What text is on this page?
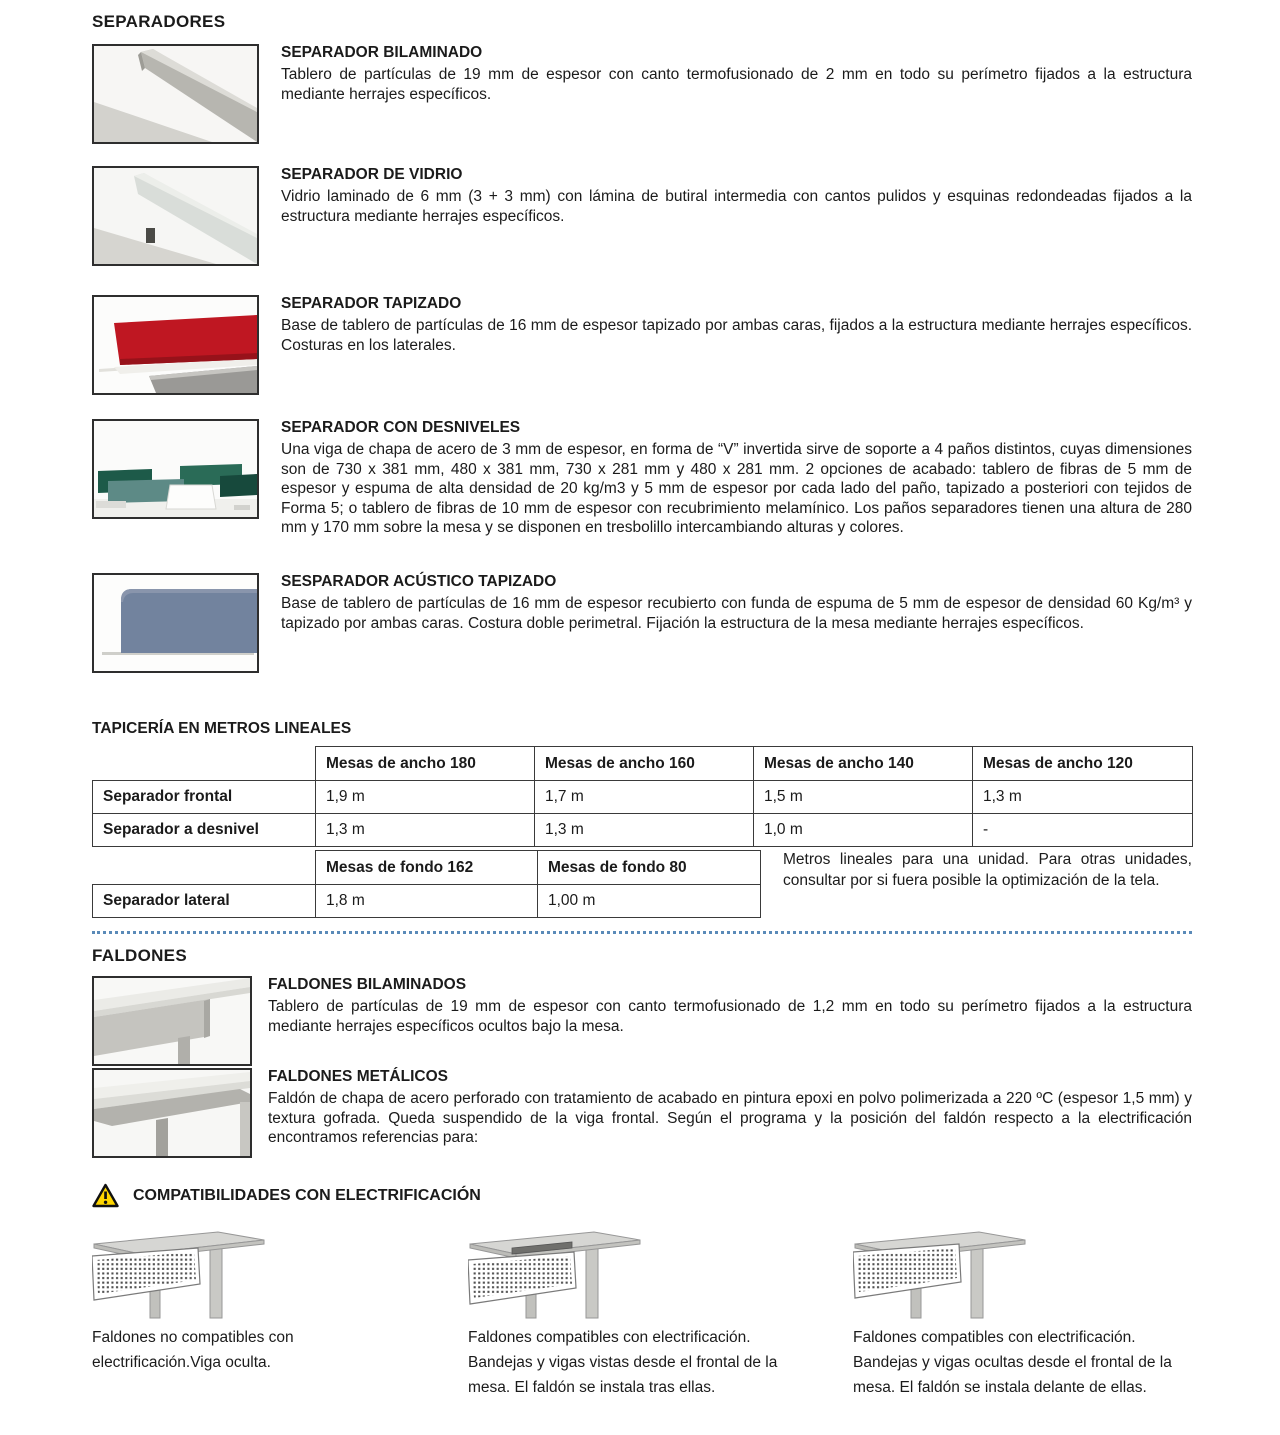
SEPARADORES
SEPARADOR BILAMINADO

Tablero de partículas de 19 mm de espesor con canto termofusionado de 2 mm en todo su perímetro fijados a la estructura mediante herrajes específicos.

SEPARADOR DE VIDRIO

Vidrio laminado de 6 mm (3 + 3 mm) con lámina de butiral intermedia con cantos pulidos y esquinas redondeadas fijados a la estructura mediante herrajes específicos.

SEPARADOR TAPIZADO

Base de tablero de partículas de 16 mm de espesor tapizado por ambas caras, fijados a la estructura mediante herrajes específicos. Costuras en los laterales.

SEPARADOR CON DESNIVELES

Una viga de chapa de acero de 3 mm de espesor, en forma de “V” invertida sirve de soporte a 4 paños distintos, cuyas dimensiones son de 730 x 381 mm, 480 x 381 mm, 730 x 281 mm y 480 x 281 mm. 2 opciones de acabado: tablero de fibras de 5 mm de espesor y espuma de alta densidad de 20 kg/m3 y 5 mm de espesor por cada lado del paño, tapizado a posteriori con tejidos de Forma 5; o tablero de fibras de 10 mm de espesor con recubrimiento melamínico. Los paños separadores tienen una altura de 280 mm y 170 mm sobre la mesa y se disponen en tresbolillo intercambiando alturas y colores.

SESPARADOR ACÚSTICO TAPIZADO

Base de tablero de partículas de 16 mm de espesor recubierto con funda de espuma de 5 mm de espesor de densidad 60 Kg/m³ y tapizado por ambas caras. Costura doble perimetral. Fijación la estructura de la mesa mediante herrajes específicos.

TAPICERÍA EN METROS LINEALES
	Mesas de ancho 180	Mesas de ancho 160	Mesas de ancho 140	Mesas de ancho 120
Separador frontal	1,9 m	1,7 m	1,5 m	1,3 m
Separador a desnivel	1,3 m	1,3 m	1,0 m	-
	Mesas de fondo 162	Mesas de fondo 80
Separador lateral	1,8 m	1,00 m
Metros lineales para una unidad. Para otras unidades, consultar por si fuera posible la optimización de la tela.
FALDONES
FALDONES BILAMINADOS

Tablero de partículas de 19 mm de espesor con canto termofusionado de 1,2 mm en todo su perímetro fijados a la estructura mediante herrajes específicos ocultos bajo la mesa.

FALDONES METÁLICOS

Faldón de chapa de acero perforado con tratamiento de acabado en pintura epoxi en polvo polimerizada a 220 ºC (espesor 1,5 mm) y textura gofrada. Queda suspendido de la viga frontal. Según el programa y la posición del faldón respecto a la electrificación encontramos referencias para:

COMPATIBILIDADES CON ELECTRIFICACIÓN
Faldones no compatibles con electrificación.Viga oculta.
Faldones compatibles con electrificación. Bandejas y vigas vistas desde el frontal de la mesa. El faldón se instala tras ellas.
Faldones compatibles con electrificación. Bandejas y vigas ocultas desde el frontal de la mesa. El faldón se instala delante de ellas.
